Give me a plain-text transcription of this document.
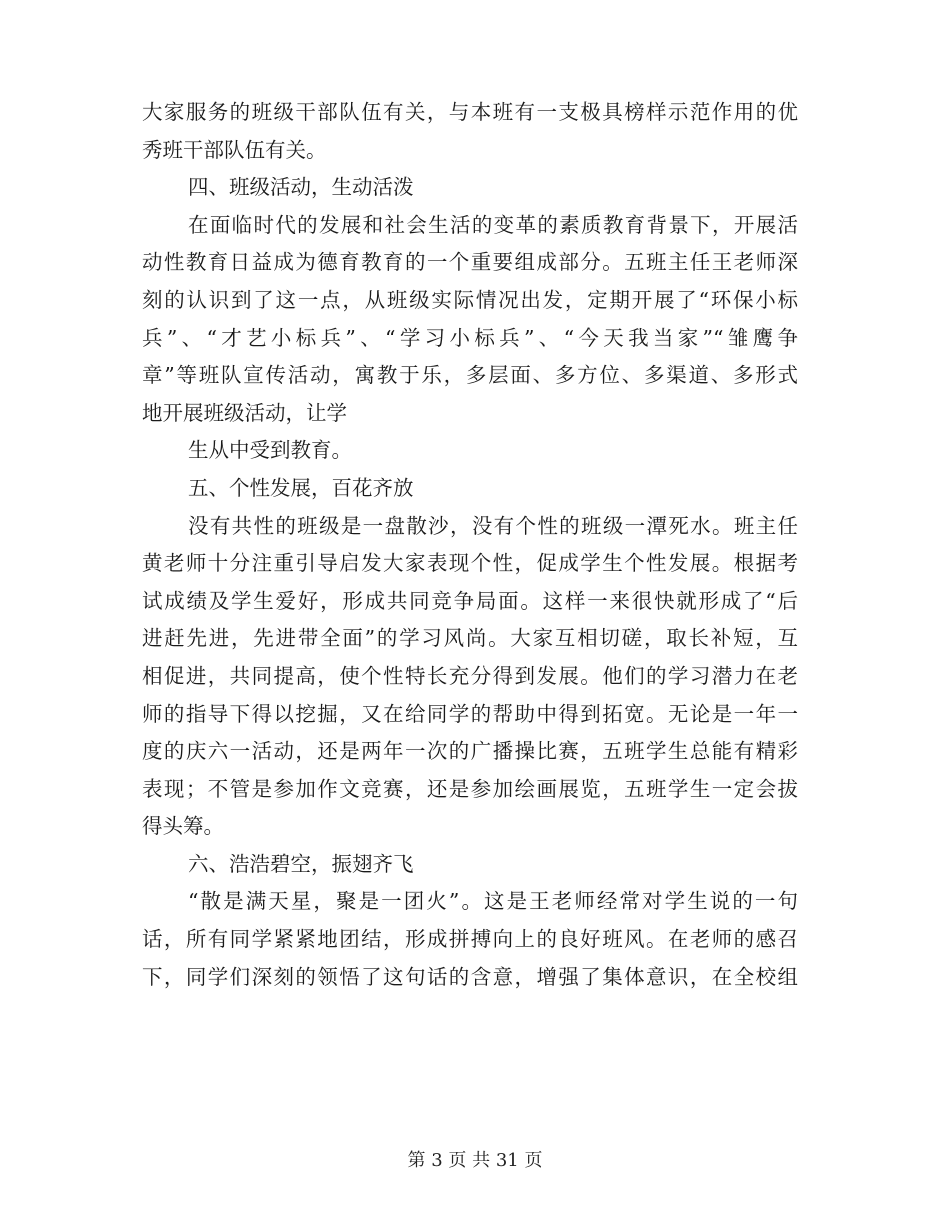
大家服务的班级干部队伍有关，与本班有一支极具榜样示范作用的优
秀班干部队伍有关。
四、班级活动，生动活泼
在面临时代的发展和社会生活的变革的素质教育背景下，开展活
动性教育日益成为德育教育的一个重要组成部分。五班主任王老师深
刻的认识到了这一点，从班级实际情况出发，定期开展了“环保小标
兵”、“才艺小标兵”、“学习小标兵”、“今天我当家”“雏鹰争
章”等班队宣传活动，寓教于乐，多层面、多方位、多渠道、多形式
地开展班级活动，让学
生从中受到教育。
五、个性发展，百花齐放
没有共性的班级是一盘散沙，没有个性的班级一潭死水。班主任
黄老师十分注重引导启发大家表现个性，促成学生个性发展。根据考
试成绩及学生爱好，形成共同竞争局面。这样一来很快就形成了“后
进赶先进，先进带全面”的学习风尚。大家互相切磋，取长补短，互
相促进，共同提高，使个性特长充分得到发展。他们的学习潜力在老
师的指导下得以挖掘，又在给同学的帮助中得到拓宽。无论是一年一
度的庆六一活动，还是两年一次的广播操比赛，五班学生总能有精彩
表现；不管是参加作文竞赛，还是参加绘画展览，五班学生一定会拔
得头筹。
六、浩浩碧空，振翅齐飞
“散是满天星，聚是一团火”。这是王老师经常对学生说的一句
话，所有同学紧紧地团结，形成拼搏向上的良好班风。在老师的感召
下，同学们深刻的领悟了这句话的含意，增强了集体意识，在全校组
第 3 页 共 31 页
